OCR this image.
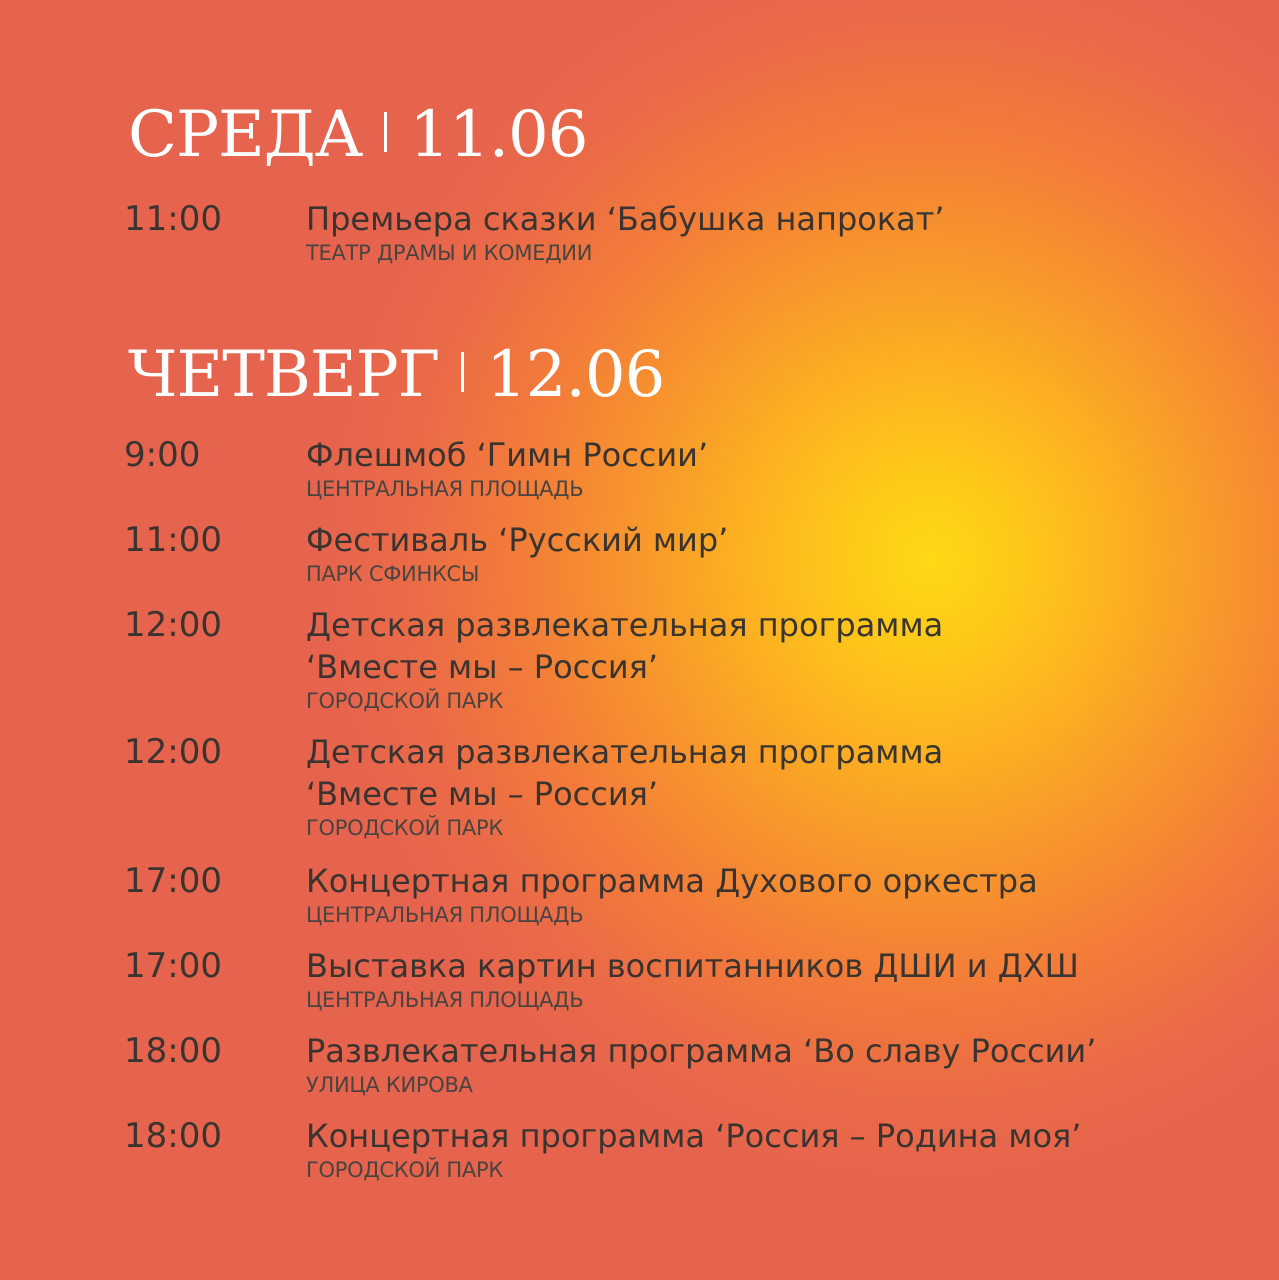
СРЕДА 11.06
11:00	Премьера сказки ‘Бабушка напрокат’
ТЕАТР ДРАМЫ И КОМЕДИИ
ЧЕТВЕРГ 12.06
9:00	Флешмоб ‘Гимн России’
ЦЕНТРАЛЬНАЯ ПЛОЩАДЬ
11:00	Фестиваль ‘Русский мир’
ПАРК СФИНКСЫ
12:00	Детская развлекательная программа
‘Вместе мы – Россия’
ГОРОДСКОЙ ПАРК
12:00	Детская развлекательная программа
‘Вместе мы – Россия’
ГОРОДСКОЙ ПАРК
17:00	Концертная программа Духового оркестра
ЦЕНТРАЛЬНАЯ ПЛОЩАДЬ
17:00	Выставка картин воспитанников ДШИ и ДХШ
ЦЕНТРАЛЬНАЯ ПЛОЩАДЬ
18:00	Развлекательная программа ‘Во славу России’
УЛИЦА КИРОВА
18:00	Концертная программа ‘Россия – Родина моя’
ГОРОДСКОЙ ПАРК
